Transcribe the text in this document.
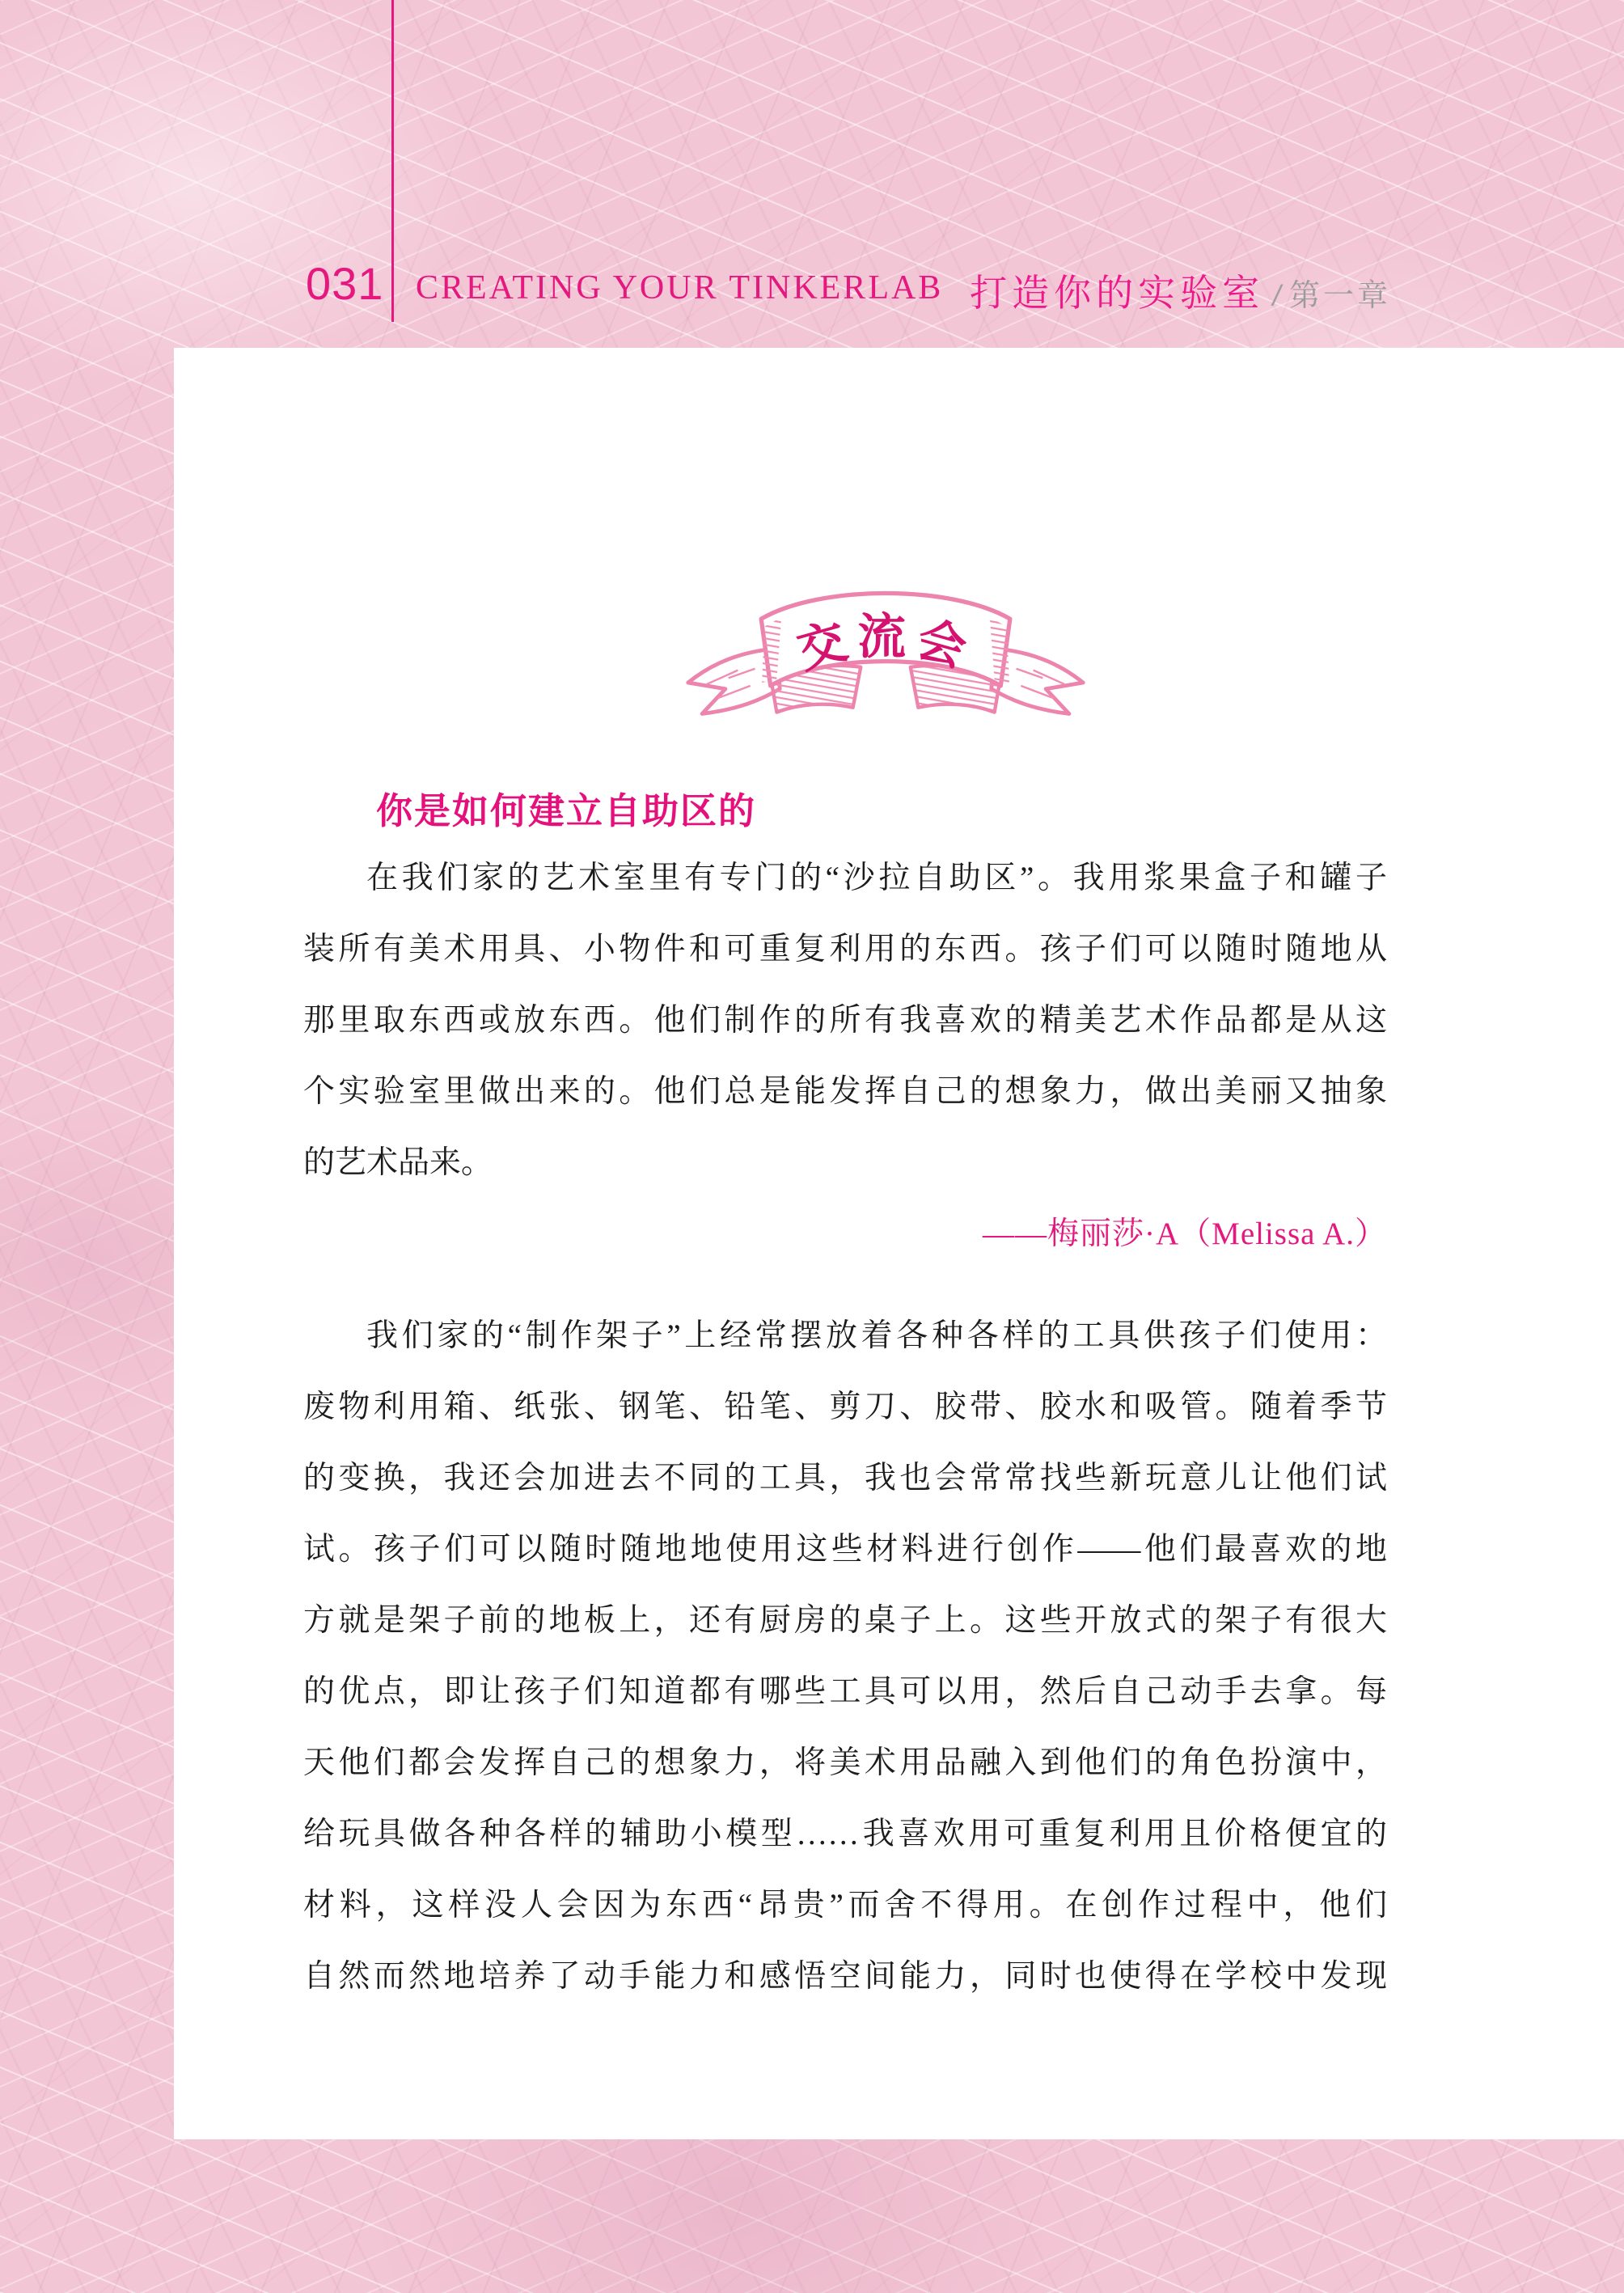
031 CREATING YOUR TINKERLAB 打造你的实验室 / 第一章
交流会
你是如何建立自助区的
在我们家的艺术室里有专门的“沙拉自助区”。我用浆果盒子和罐子
装所有美术用具、小物件和可重复利用的东西。孩子们可以随时随地从
那里取东西或放东西。他们制作的所有我喜欢的精美艺术作品都是从这
个实验室里做出来的。他们总是能发挥自己的想象力，做出美丽又抽象
的艺术品来。
——梅丽莎·A（Melissa A.）
我们家的“制作架子”上经常摆放着各种各样的工具供孩子们使用：
废物利用箱、纸张、钢笔、铅笔、剪刀、胶带、胶水和吸管。随着季节
的变换，我还会加进去不同的工具，我也会常常找些新玩意儿让他们试
试。孩子们可以随时随地地使用这些材料进行创作——他们最喜欢的地
方就是架子前的地板上，还有厨房的桌子上。这些开放式的架子有很大
的优点，即让孩子们知道都有哪些工具可以用，然后自己动手去拿。每
天他们都会发挥自己的想象力，将美术用品融入到他们的角色扮演中，
给玩具做各种各样的辅助小模型……我喜欢用可重复利用且价格便宜的
材料，这样没人会因为东西“昂贵”而舍不得用。在创作过程中，他们
自然而然地培养了动手能力和感悟空间能力，同时也使得在学校中发现
